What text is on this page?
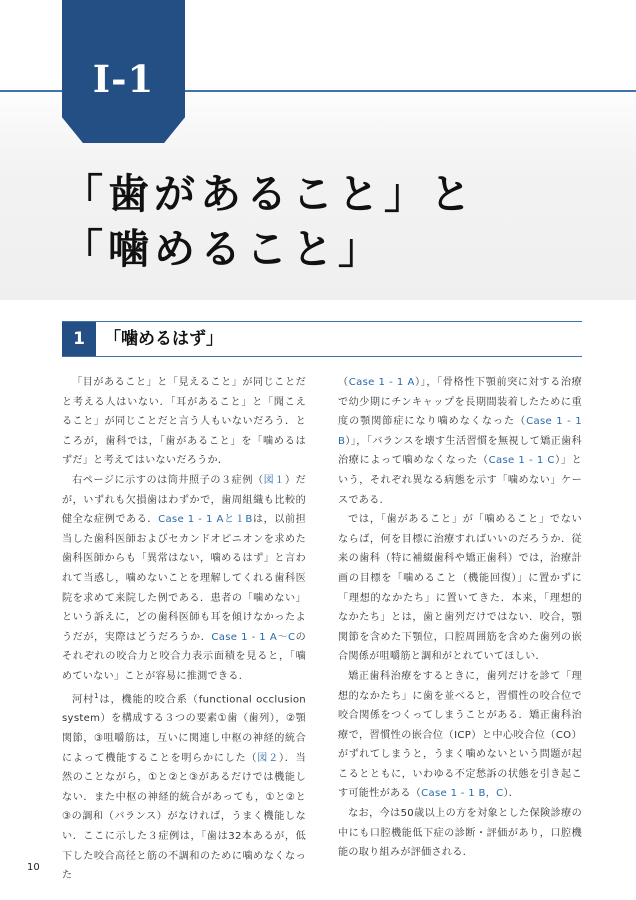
I-1
「歯があること」と
「噛めること」
1	「噛めるはず」

「目があること」と「見えること」が同じことだと考える人はいない．「耳があること」と「聞こえること」が同じことだと言う人もいないだろう．ところが，歯科では，「歯があること」を「噛めるはずだ」と考えてはいないだろうか．

右ページに示すのは筒井照子の３症例（図１）だが，いずれも欠損歯はわずかで，歯周組織も比較的健全な症例である．Case 1 - 1 Aと１Bは，以前担当した歯科医師およびセカンドオピニオンを求めた歯科医師からも「異常はない，噛めるはず」と言われて当惑し，噛めないことを理解してくれる歯科医院を求めて来院した例である．患者の「噛めない」という訴えに，どの歯科医師も耳を傾けなかったようだが，実際はどうだろうか．Case 1 - 1 A〜Cのそれぞれの咬合力と咬合力表示面積を見ると，「噛めていない」ことが容易に推測できる．

河村$^1$は，機能的咬合系（functional occlusion system）を構成する３つの要素①歯（歯列），②顎関節，③咀嚼筋は，互いに関連し中枢の神経的統合によって機能することを明らかにした（図２）．当然のことながら，①と②と③があるだけでは機能しない．また中枢の神経的統合があっても，①と②と③の調和（バランス）がなければ，うまく機能しない．ここに示した３症例は，「歯は32本あるが，低下した咬合高径と筋の不調和のために噛めなくなった

（Case 1 - 1 A）」，「骨格性下顎前突に対する治療で幼少期にチンキャップを長期間装着したために重度の顎関節症になり噛めなくなった（Case 1 - 1 B）」，「バランスを壊す生活習慣を無視して矯正歯科治療によって噛めなくなった（Case 1 - 1 C）」という，それぞれ異なる病態を示す「噛めない」ケースである．

では，「歯があること」が「噛めること」でないならば，何を目標に治療すればいいのだろうか．従来の歯科（特に補綴歯科や矯正歯科）では，治療計画の目標を「噛めること（機能回復）」に置かずに「理想的なかたち」に置いてきた．本来，「理想的なかたち」とは，歯と歯列だけではない．咬合，顎関節を含めた下顎位，口腔周囲筋を含めた歯列の嵌合関係が咀嚼筋と調和がとれていてほしい．

矯正歯科治療をするときに，歯列だけを診て「理想的なかたち」に歯を並べると，習慣性の咬合位で咬合関係をつくってしまうことがある．矯正歯科治療で，習慣性の嵌合位（ICP）と中心咬合位（CO）がずれてしまうと，うまく噛めないという問題が起こるとともに，いわゆる不定愁訴の状態を引き起こす可能性がある（Case 1 - 1 B，C）．

なお，今は50歳以上の方を対象とした保険診療の中にも口腔機能低下症の診断・評価があり，口腔機能の取り組みが評価される．

10
